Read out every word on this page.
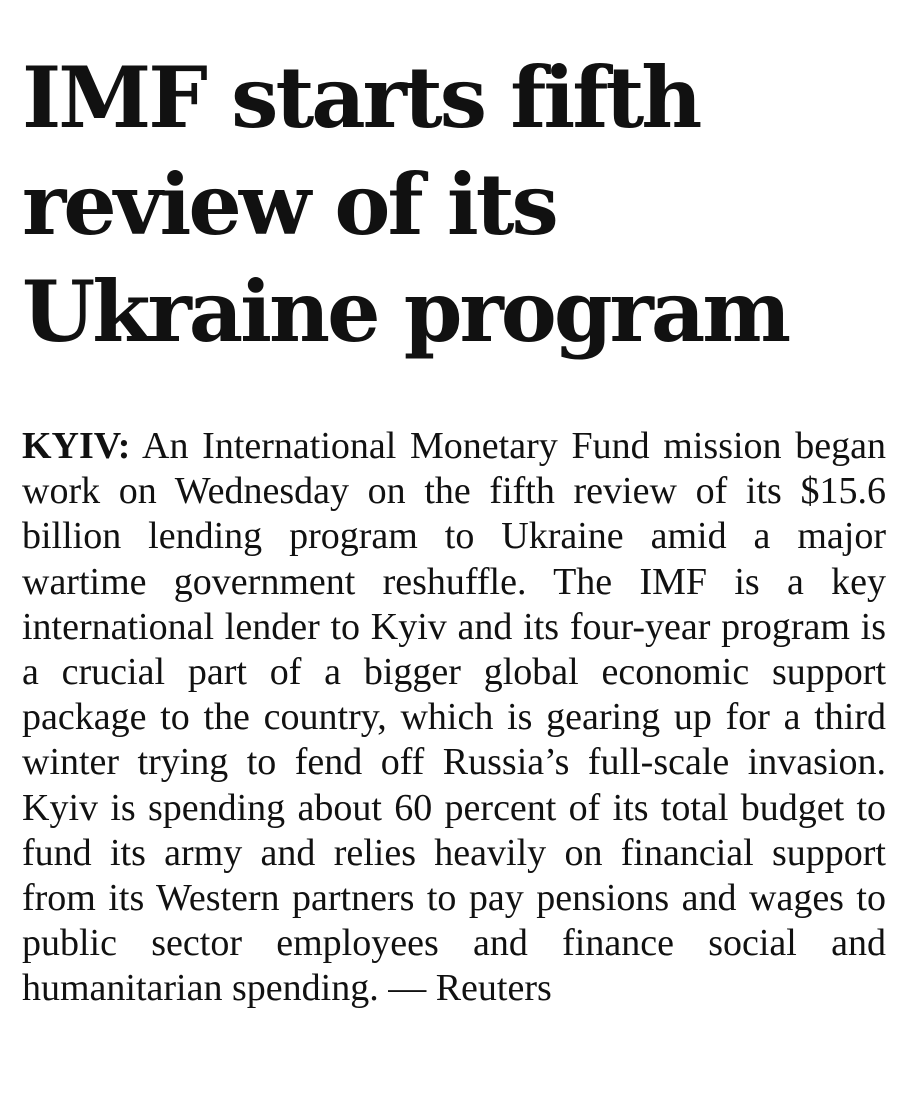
IMF starts fifth
review of its
Ukraine program

KYIV: An International Monetary Fund mission began work on Wednesday on the fifth review of its $15.6 billion lending program to Ukraine amid a major wartime government reshuffle. The IMF is a key international lender to Kyiv and its four-year program is a crucial part of a bigger global economic support package to the country, which is gearing up for a third winter trying to fend off Russia’s full-scale invasion. Kyiv is spending about 60 percent of its total budget to fund its army and relies heavily on financial support from its Western partners to pay pensions and wages to public sector employees and finance social and humanitarian spending. — Reuters
